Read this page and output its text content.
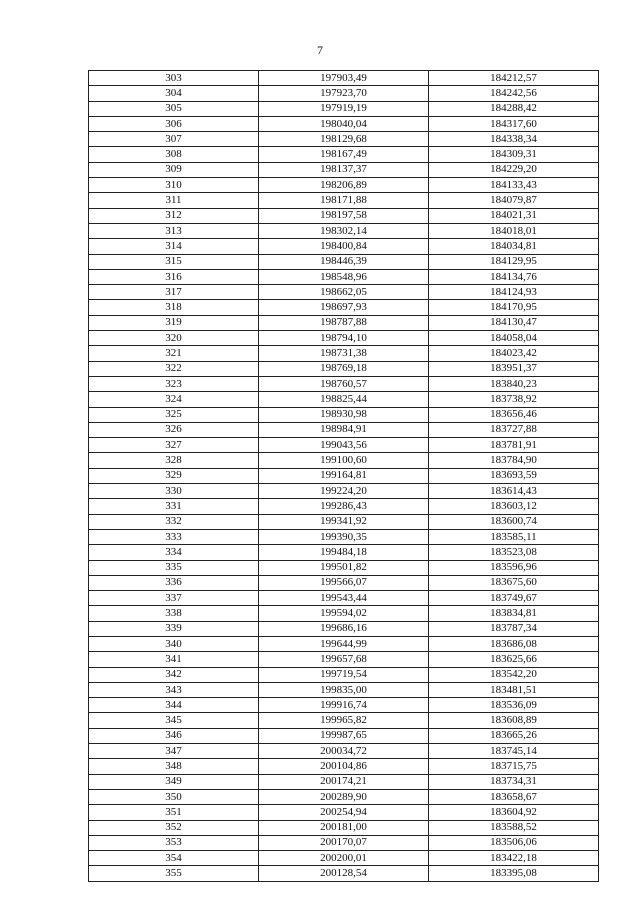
7
303	197903,49	184212,57
304	197923,70	184242,56
305	197919,19	184288,42
306	198040,04	184317,60
307	198129,68	184338,34
308	198167,49	184309,31
309	198137,37	184229,20
310	198206,89	184133,43
311	198171,88	184079,87
312	198197,58	184021,31
313	198302,14	184018,01
314	198400,84	184034,81
315	198446,39	184129,95
316	198548,96	184134,76
317	198662,05	184124,93
318	198697,93	184170,95
319	198787,88	184130,47
320	198794,10	184058,04
321	198731,38	184023,42
322	198769,18	183951,37
323	198760,57	183840,23
324	198825,44	183738,92
325	198930,98	183656,46
326	198984,91	183727,88
327	199043,56	183781,91
328	199100,60	183784,90
329	199164,81	183693,59
330	199224,20	183614,43
331	199286,43	183603,12
332	199341,92	183600,74
333	199390,35	183585,11
334	199484,18	183523,08
335	199501,82	183596,96
336	199566,07	183675,60
337	199543,44	183749,67
338	199594,02	183834,81
339	199686,16	183787,34
340	199644,99	183686,08
341	199657,68	183625,66
342	199719,54	183542,20
343	199835,00	183481,51
344	199916,74	183536,09
345	199965,82	183608,89
346	199987,65	183665,26
347	200034,72	183745,14
348	200104,86	183715,75
349	200174,21	183734,31
350	200289,90	183658,67
351	200254,94	183604,92
352	200181,00	183588,52
353	200170,07	183506,06
354	200200,01	183422,18
355	200128,54	183395,08
